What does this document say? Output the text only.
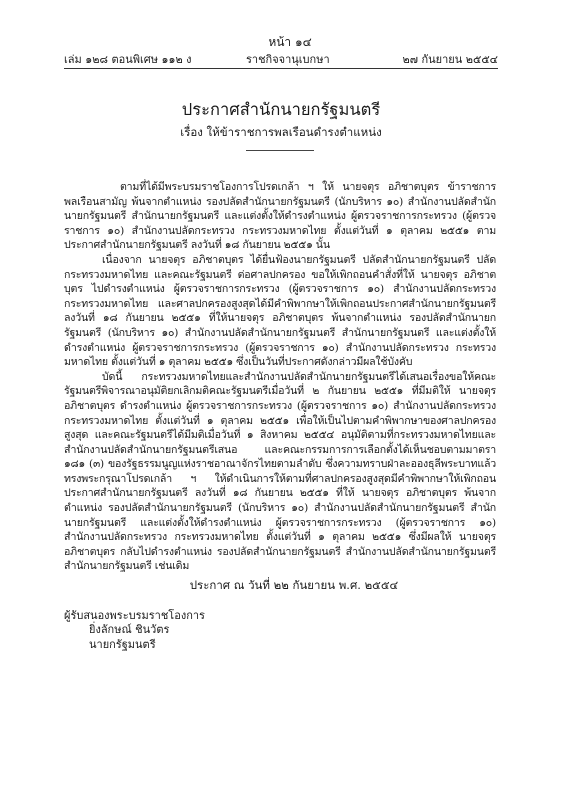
หน้า ๑๔
เล่ม ๑๒๘ ตอนพิเศษ ๑๑๒ ง	ราชกิจจานุเบกษา	๒๗ กันยายน ๒๕๕๔
ประกาศสำนักนายกรัฐมนตรี
เรื่อง ให้ข้าราชการพลเรือนดำรงตำแหน่ง

ตามที่ได้มีพระบรมราชโองการโปรดเกล้า ฯ ให้ นายจตุร อภิชาตบุตร ข้าราชการพลเรือนสามัญ พ้นจากตำแหน่ง รองปลัดสำนักนายกรัฐมนตรี (นักบริหาร ๑๐) สำนักงานปลัดสำนักนายกรัฐมนตรี สำนักนายกรัฐมนตรี และแต่งตั้งให้ดำรงตำแหน่ง ผู้ตรวจราชการกระทรวง (ผู้ตรวจราชการ ๑๐) สำนักงานปลัดกระทรวง กระทรวงมหาดไทย ตั้งแต่วันที่ ๑ ตุลาคม ๒๕๕๑ ตามประกาศสำนักนายกรัฐมนตรี ลงวันที่ ๑๘ กันยายน ๒๕๕๑ นั้น

เนื่องจาก นายจตุร อภิชาตบุตร ได้ยื่นฟ้องนายกรัฐมนตรี ปลัดสำนักนายกรัฐมนตรี ปลัดกระทรวงมหาดไทย และคณะรัฐมนตรี ต่อศาลปกครอง ขอให้เพิกถอนคำสั่งที่ให้ นายจตุร อภิชาตบุตร ไปดำรงตำแหน่ง ผู้ตรวจราชการกระทรวง (ผู้ตรวจราชการ ๑๐) สำนักงานปลัดกระทรวง กระทรวงมหาดไทย และศาลปกครองสูงสุดได้มีคำพิพากษาให้เพิกถอนประกาศสำนักนายกรัฐมนตรี ลงวันที่ ๑๘ กันยายน ๒๕๕๑ ที่ให้นายจตุร อภิชาตบุตร พ้นจากตำแหน่ง รองปลัดสำนักนายกรัฐมนตรี (นักบริหาร ๑๐) สำนักงานปลัดสำนักนายกรัฐมนตรี สำนักนายกรัฐมนตรี และแต่งตั้งให้ดำรงตำแหน่ง ผู้ตรวจราชการกระทรวง (ผู้ตรวจราชการ ๑๐) สำนักงานปลัดกระทรวง กระทรวงมหาดไทย ตั้งแต่วันที่ ๑ ตุลาคม ๒๕๕๑ ซึ่งเป็นวันที่ประกาศดังกล่าวมีผลใช้บังคับ

บัดนี้ กระทรวงมหาดไทยและสำนักงานปลัดสำนักนายกรัฐมนตรีได้เสนอเรื่องขอให้คณะรัฐมนตรีพิจารณาอนุมัติยกเลิกมติคณะรัฐมนตรีเมื่อวันที่ ๒ กันยายน ๒๕๕๑ ที่มีมติให้ นายจตุร อภิชาตบุตร ดำรงตำแหน่ง ผู้ตรวจราชการกระทรวง (ผู้ตรวจราชการ ๑๐) สำนักงานปลัดกระทรวง กระทรวงมหาดไทย ตั้งแต่วันที่ ๑ ตุลาคม ๒๕๕๑ เพื่อให้เป็นไปตามคำพิพากษาของศาลปกครองสูงสุด และคณะรัฐมนตรีได้มีมติเมื่อวันที่ ๑ สิงหาคม ๒๕๕๔ อนุมัติตามที่กระทรวงมหาดไทยและสำนักงานปลัดสำนักนายกรัฐมนตรีเสนอ และคณะกรรมการการเลือกตั้งได้เห็นชอบตามมาตรา ๑๘๑ (๓) ของรัฐธรรมนูญแห่งราชอาณาจักรไทยตามลำดับ ซึ่งความทราบฝ่าละอองธุลีพระบาทแล้ว ทรงพระกรุณาโปรดเกล้า ฯ ให้ดำเนินการให้ตามที่ศาลปกครองสูงสุดมีคำพิพากษาให้เพิกถอนประกาศสำนักนายกรัฐมนตรี ลงวันที่ ๑๘ กันยายน ๒๕๕๑ ที่ให้ นายจตุร อภิชาตบุตร พ้นจากตำแหน่ง รองปลัดสำนักนายกรัฐมนตรี (นักบริหาร ๑๐) สำนักงานปลัดสำนักนายกรัฐมนตรี สำนักนายกรัฐมนตรี และแต่งตั้งให้ดำรงตำแหน่ง ผู้ตรวจราชการกระทรวง (ผู้ตรวจราชการ ๑๐) สำนักงานปลัดกระทรวง กระทรวงมหาดไทย ตั้งแต่วันที่ ๑ ตุลาคม ๒๕๕๑ ซึ่งมีผลให้ นายจตุร อภิชาตบุตร กลับไปดำรงตำแหน่ง รองปลัดสำนักนายกรัฐมนตรี สำนักงานปลัดสำนักนายกรัฐมนตรี สำนักนายกรัฐมนตรี เช่นเดิม

ประกาศ ณ วันที่ ๒๒ กันยายน พ.ศ. ๒๕๕๔
ผู้รับสนองพระบรมราชโองการ
ยิ่งลักษณ์ ชินวัตร
นายกรัฐมนตรี
